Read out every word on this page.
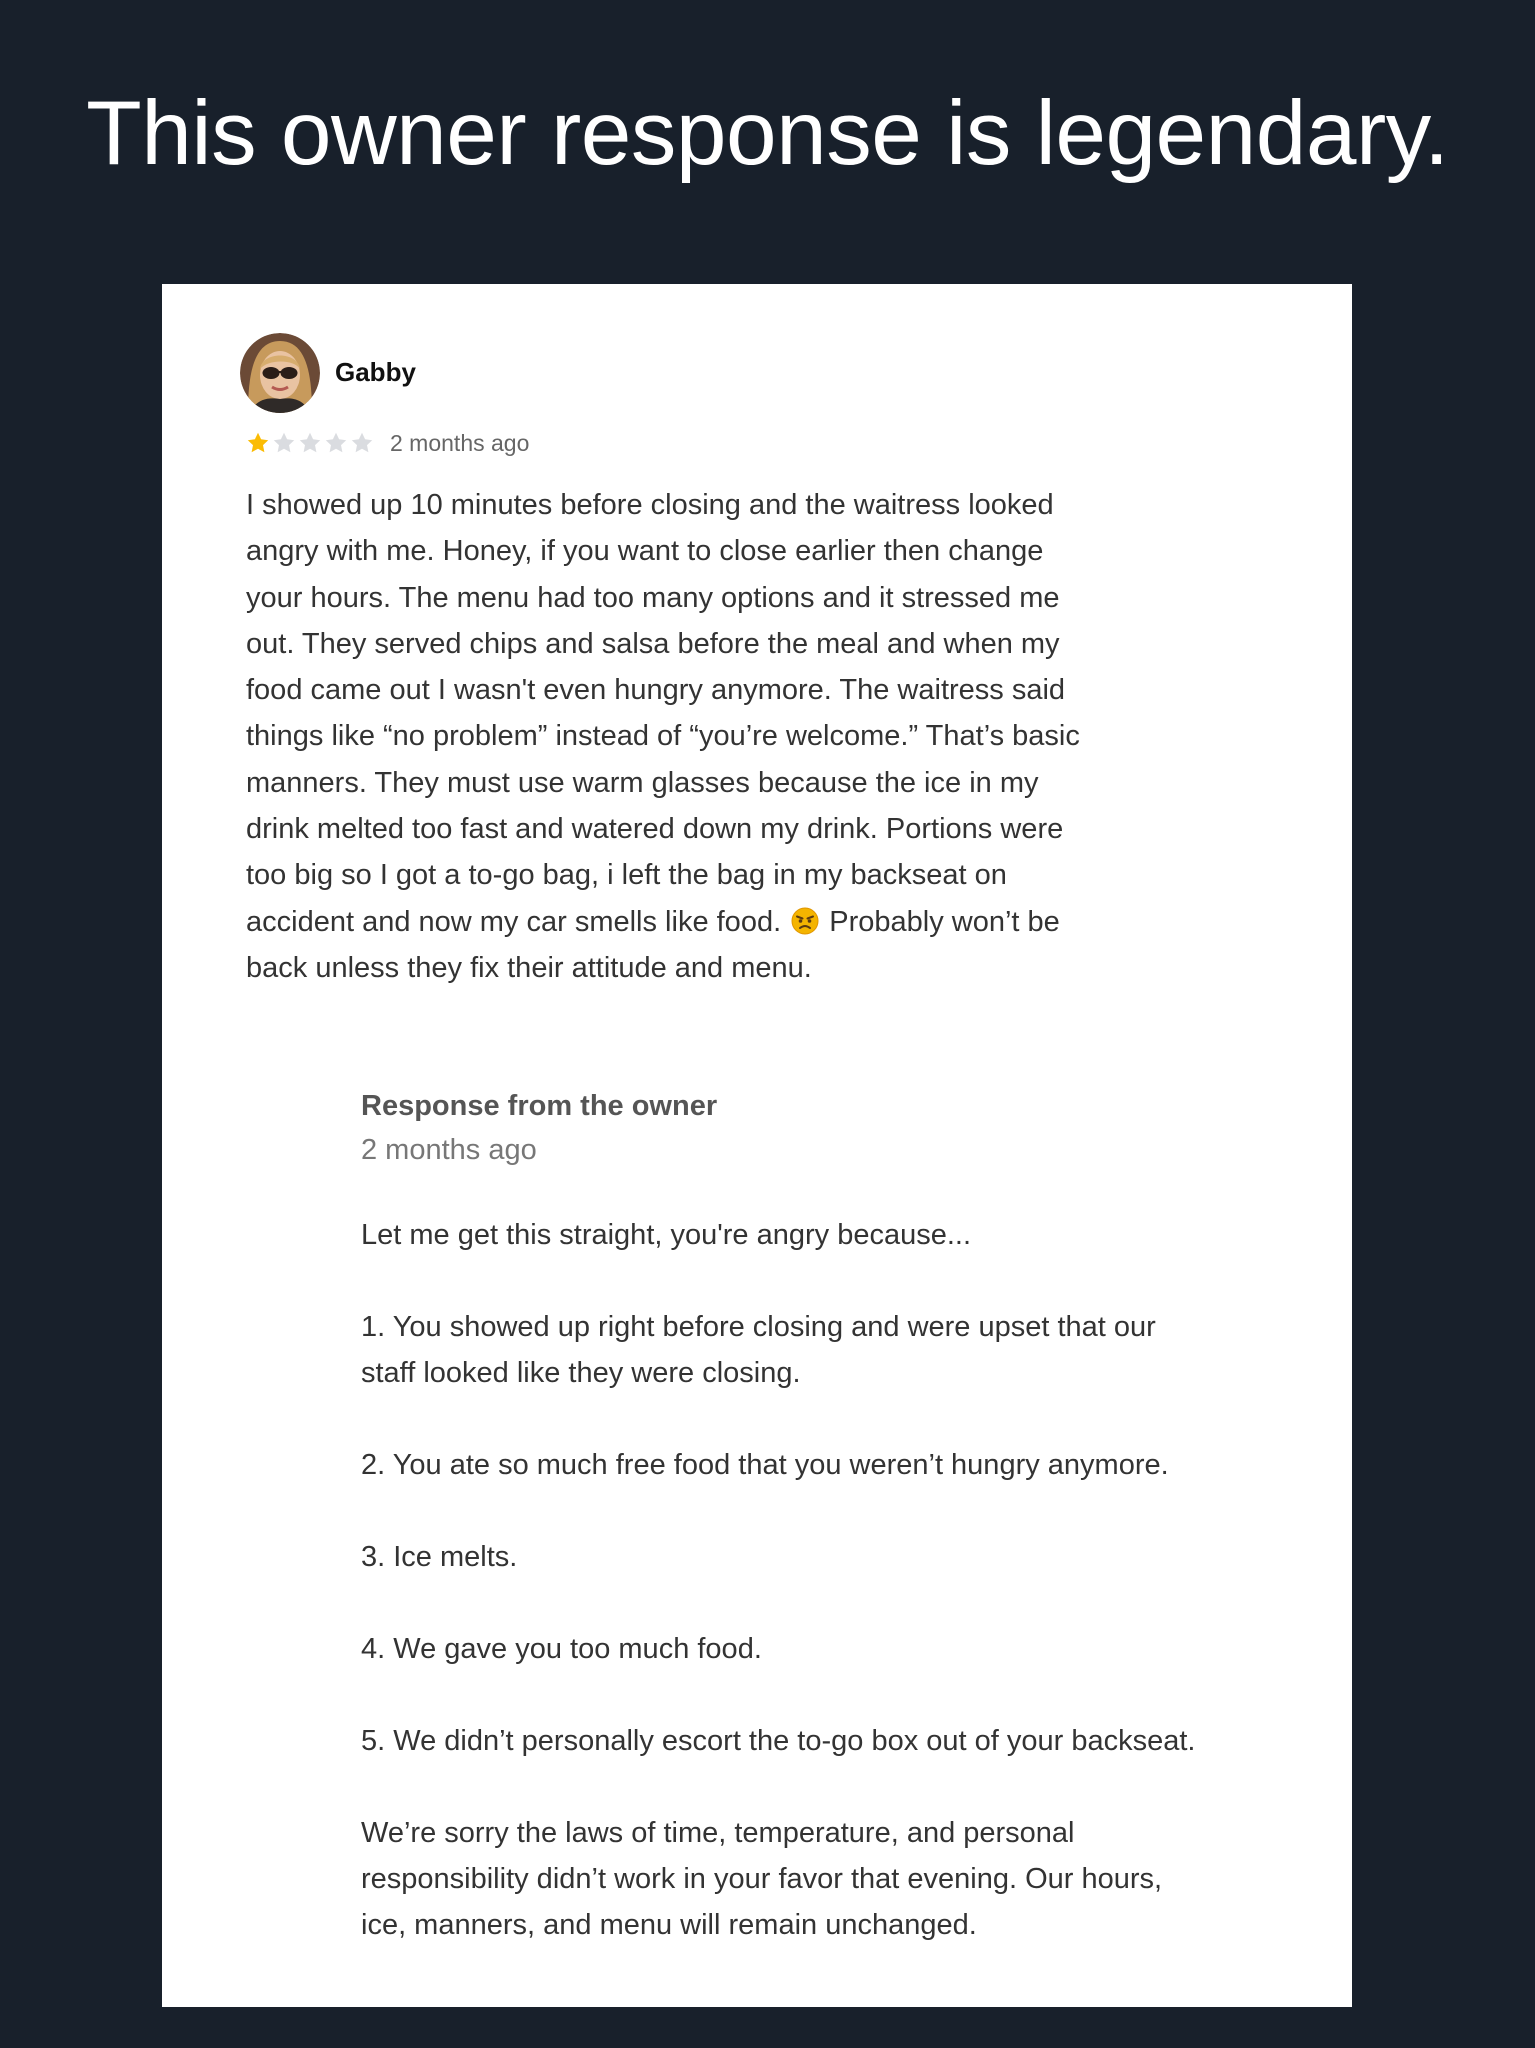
This owner response is legendary.
Gabby
2 months ago
I showed up 10 minutes before closing and the waitress looked
angry with me. Honey, if you want to close earlier then change
your hours. The menu had too many options and it stressed me
out. They served chips and salsa before the meal and when my
food came out I wasn't even hungry anymore. The waitress said
things like “no problem” instead of “you’re welcome.” That’s basic
manners. They must use warm glasses because the ice in my
drink melted too fast and watered down my drink. Portions were
too big so I got a to-go bag, i left the bag in my backseat on
accident and now my car smells like food. Probably won’t be
back unless they fix their attitude and menu.
Response from the owner
2 months ago

Let me get this straight, you're angry because...

1. You showed up right before closing and were upset that our
staff looked like they were closing.

2. You ate so much free food that you weren’t hungry anymore.

3. Ice melts.

4. We gave you too much food.

5. We didn’t personally escort the to-go box out of your backseat.

We’re sorry the laws of time, temperature, and personal
responsibility didn’t work in your favor that evening. Our hours,
ice, manners, and menu will remain unchanged.
